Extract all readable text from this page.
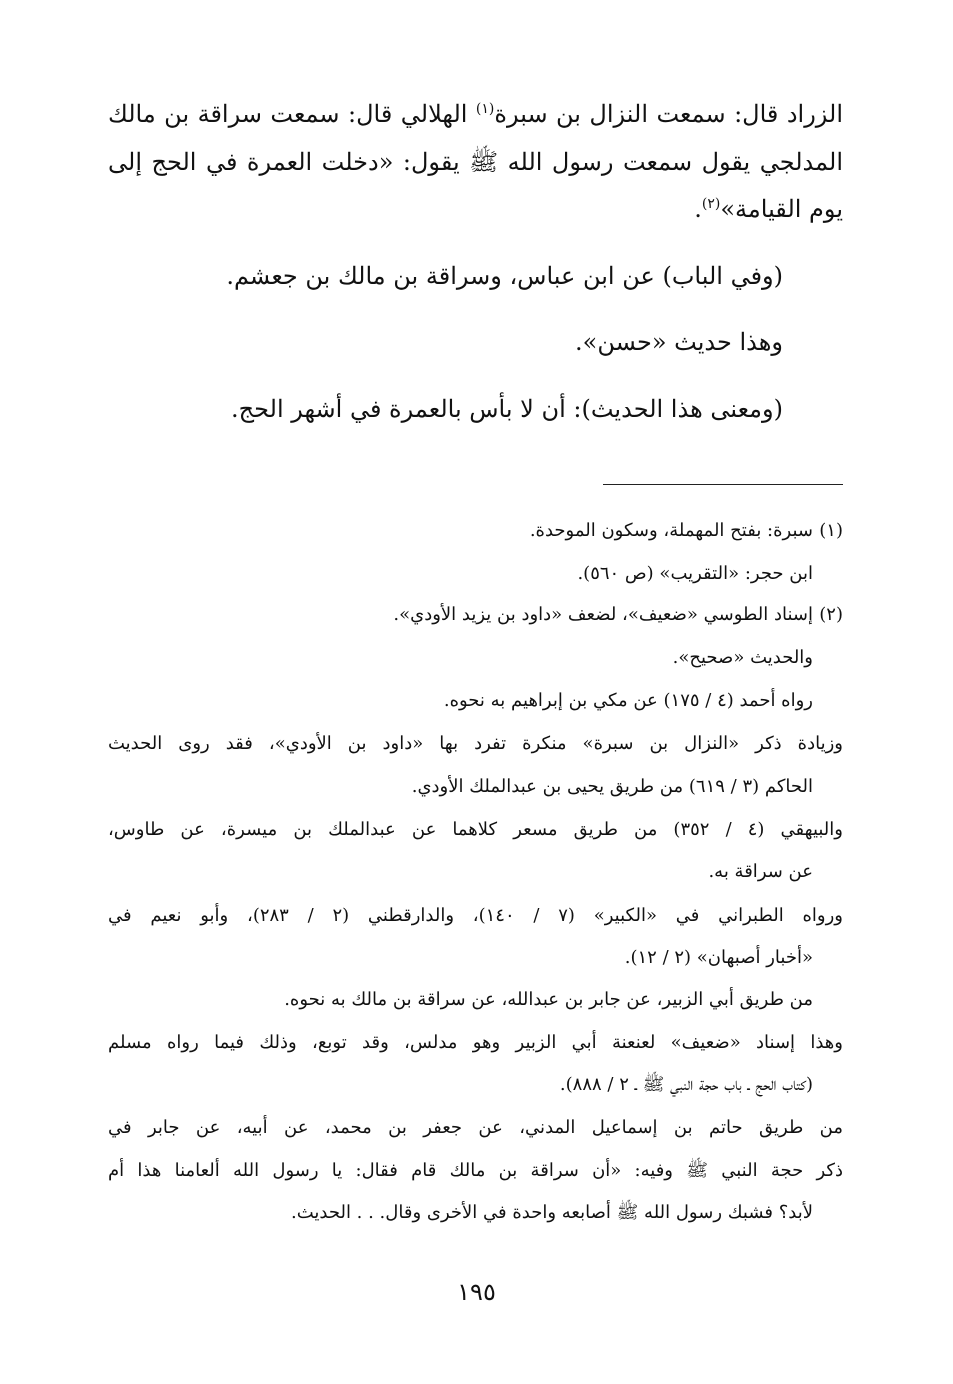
الزراد قال: سمعت النزال بن سبرة$^{(١)}$ الهلالي قال: سمعت سراقة بن مالك
المدلجي يقول سمعت رسول الله ﷺ يقول: «دخلت العمرة في الحج إلى
يوم القيامة»$^{(٢)}$.
(وفي الباب) عن ابن عباس، وسراقة بن مالك بن جعشم.
وهذا حديث «حسن».
(ومعنى هذا الحديث): أن لا بأس بالعمرة في أشهر الحج.
(١)
سبرة: بفتح المهملة، وسكون الموحدة.
ابن حجر: «التقريب» (ص ٥٦٠).
(٢)
إسناد الطوسي «ضعيف»، لضعف «داود بن يزيد الأودي».
والحديث «صحيح».
رواه أحمد (٤ / ١٧٥) عن مكي بن إبراهيم به نحوه.
وزيادة ذكر «النزال بن سبرة» منكرة تفرد بها «داود بن الأودي»، فقد روى الحديث
الحاكم (٣ / ٦١٩) من طريق يحيى بن عبدالملك الأودي.
والبيهقي (٤ / ٣٥٢) من طريق مسعر كلاهما عن عبدالملك بن ميسرة، عن طاوس،
عن سراقة به.
ورواه الطبراني في «الكبير» (٧ / ١٤٠)، والدارقطني (٢ / ٢٨٣)، وأبو نعيم في
«أخبار أصبهان» (٢ / ١٢).
من طريق أبي الزبير، عن جابر بن عبدالله، عن سراقة بن مالك به نحوه.
وهذا إسناد «ضعيف» لعنعنة أبي الزبير وهو مدلس، وقد توبع، وذلك فيما رواه مسلم
(كتاب الحج ـ باب حجة النبي ﷺ ـ ٢ / ٨٨٨).
من طريق حاتم بن إسماعيل المدني، عن جعفر بن محمد، عن أبيه، عن جابر في
ذكر حجة النبي ﷺ وفيه: «أن سراقة بن مالك قام فقال: يا رسول الله ألعامنا هذا أم
لأبد؟ فشبك رسول الله ﷺ أصابعه واحدة في الأخرى وقال. . . الحديث.
١٩٥
